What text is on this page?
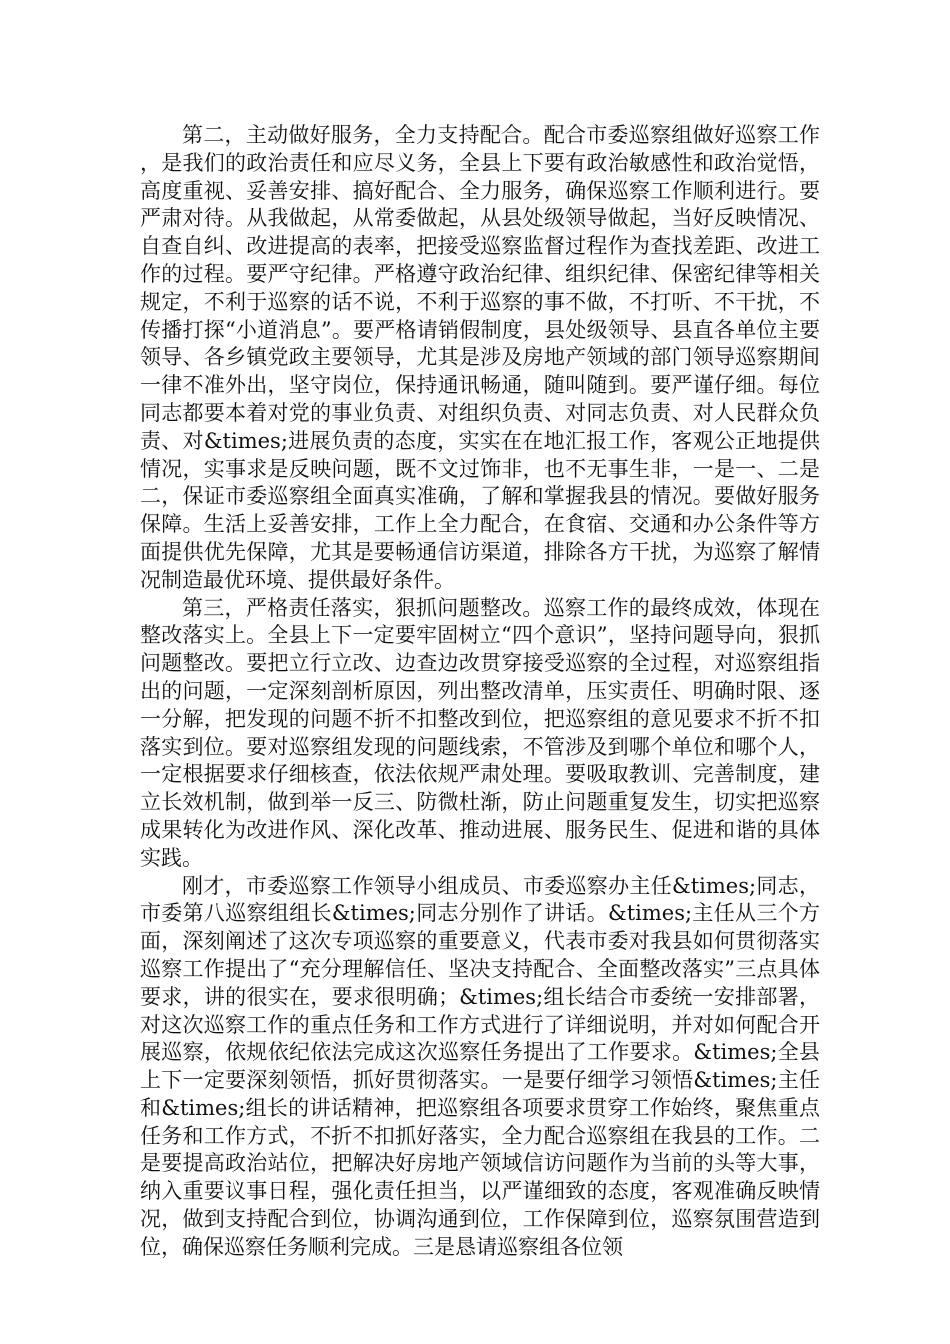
第二，主动做好服务，全力支持配合。配合市委巡察组做好巡察工作，是我们的政治责任和应尽义务，全县上下要有政治敏感性和政治觉悟，高度重视、妥善安排、搞好配合、全力服务，确保巡察工作顺利进行。要严肃对待。从我做起，从常委做起，从县处级领导做起，当好反映情况、自查自纠、改进提高的表率，把接受巡察监督过程作为查找差距、改进工作的过程。要严守纪律。严格遵守政治纪律、组织纪律、保密纪律等相关规定，不利于巡察的话不说，不利于巡察的事不做，不打听、不干扰，不传播打探“小道消息”。要严格请销假制度，县处级领导、县直各单位主要领导、各乡镇党政主要领导，尤其是涉及房地产领域的部门领导巡察期间一律不准外出，坚守岗位，保持通讯畅通，随叫随到。要严谨仔细。每位同志都要本着对党的事业负责、对组织负责、对同志负责、对人民群众负责、对&times;进展负责的态度，实实在在地汇报工作，客观公正地提供情况，实事求是反映问题，既不文过饰非，也不无事生非，一是一、二是二，保证市委巡察组全面真实准确，了解和掌握我县的情况。要做好服务保障。生活上妥善安排，工作上全力配合，在食宿、交通和办公条件等方面提供优先保障，尤其是要畅通信访渠道，排除各方干扰，为巡察了解情况制造最优环境、提供最好条件。

第三，严格责任落实，狠抓问题整改。巡察工作的最终成效，体现在整改落实上。全县上下一定要牢固树立“四个意识”，坚持问题导向，狠抓问题整改。要把立行立改、边查边改贯穿接受巡察的全过程，对巡察组指出的问题，一定深刻剖析原因，列出整改清单，压实责任、明确时限、逐一分解，把发现的问题不折不扣整改到位，把巡察组的意见要求不折不扣落实到位。要对巡察组发现的问题线索，不管涉及到哪个单位和哪个人，一定根据要求仔细核查，依法依规严肃处理。要吸取教训、完善制度，建立长效机制，做到举一反三、防微杜渐，防止问题重复发生，切实把巡察成果转化为改进作风、深化改革、推动进展、服务民生、促进和谐的具体实践。

刚才，市委巡察工作领导小组成员、市委巡察办主任&times;同志，市委第八巡察组组长&times;同志分别作了讲话。&times;主任从三个方面，深刻阐述了这次专项巡察的重要意义，代表市委对我县如何贯彻落实巡察工作提出了“充分理解信任、坚决支持配合、全面整改落实”三点具体要求，讲的很实在，要求很明确；&times;组长结合市委统一安排部署，对这次巡察工作的重点任务和工作方式进行了详细说明，并对如何配合开展巡察，依规依纪依法完成这次巡察任务提出了工作要求。&times;全县上下一定要深刻领悟，抓好贯彻落实。一是要仔细学习领悟&times;主任和&times;组长的讲话精神，把巡察组各项要求贯穿工作始终，聚焦重点任务和工作方式，不折不扣抓好落实，全力配合巡察组在我县的工作。二是要提高政治站位，把解决好房地产领域信访问题作为当前的头等大事，纳入重要议事日程，强化责任担当，以严谨细致的态度，客观准确反映情况，做到支持配合到位，协调沟通到位，工作保障到位，巡察氛围营造到位，确保巡察任务顺利完成。三是恳请巡察组各位领
